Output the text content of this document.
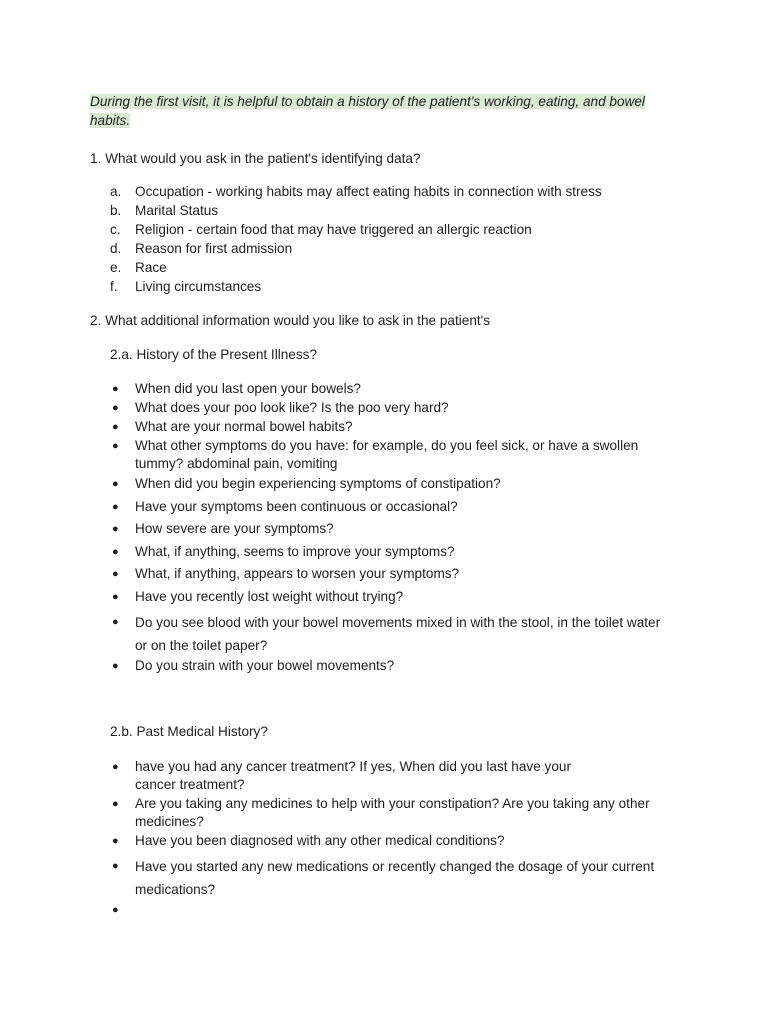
During the first visit, it is helpful to obtain a history of the patient's working, eating, and bowel habits.
1. What would you ask in the patient's identifying data?
a.	Occupation - working habits may affect eating habits in connection with stress
b.	Marital Status
c.	Religion - certain food that may have triggered an allergic reaction
d.	Reason for first admission
e.	Race
f.	Living circumstances
2. What additional information would you like to ask in the patient's
2.a. History of the Present Illness?
●	When did you last open your bowels?
●	What does your poo look like? Is the poo very hard?
●	What are your normal bowel habits?
●	What other symptoms do you have: for example, do you feel sick, or have a swollen tummy? abdominal pain, vomiting
●	When did you begin experiencing symptoms of constipation?
●	Have your symptoms been continuous or occasional?
●	How severe are your symptoms?
●	What, if anything, seems to improve your symptoms?
●	What, if anything, appears to worsen your symptoms?
●	Have you recently lost weight without trying?
●	Do you see blood with your bowel movements mixed in with the stool, in the toilet water or on the toilet paper?
●	Do you strain with your bowel movements?
2.b. Past Medical History?
●	have you had any cancer treatment? If yes, When did you last have your cancer treatment?
●	Are you taking any medicines to help with your constipation? Are you taking any other medicines?
●	Have you been diagnosed with any other medical conditions?
●	Have you started any new medications or recently changed the dosage of your current medications?
●
